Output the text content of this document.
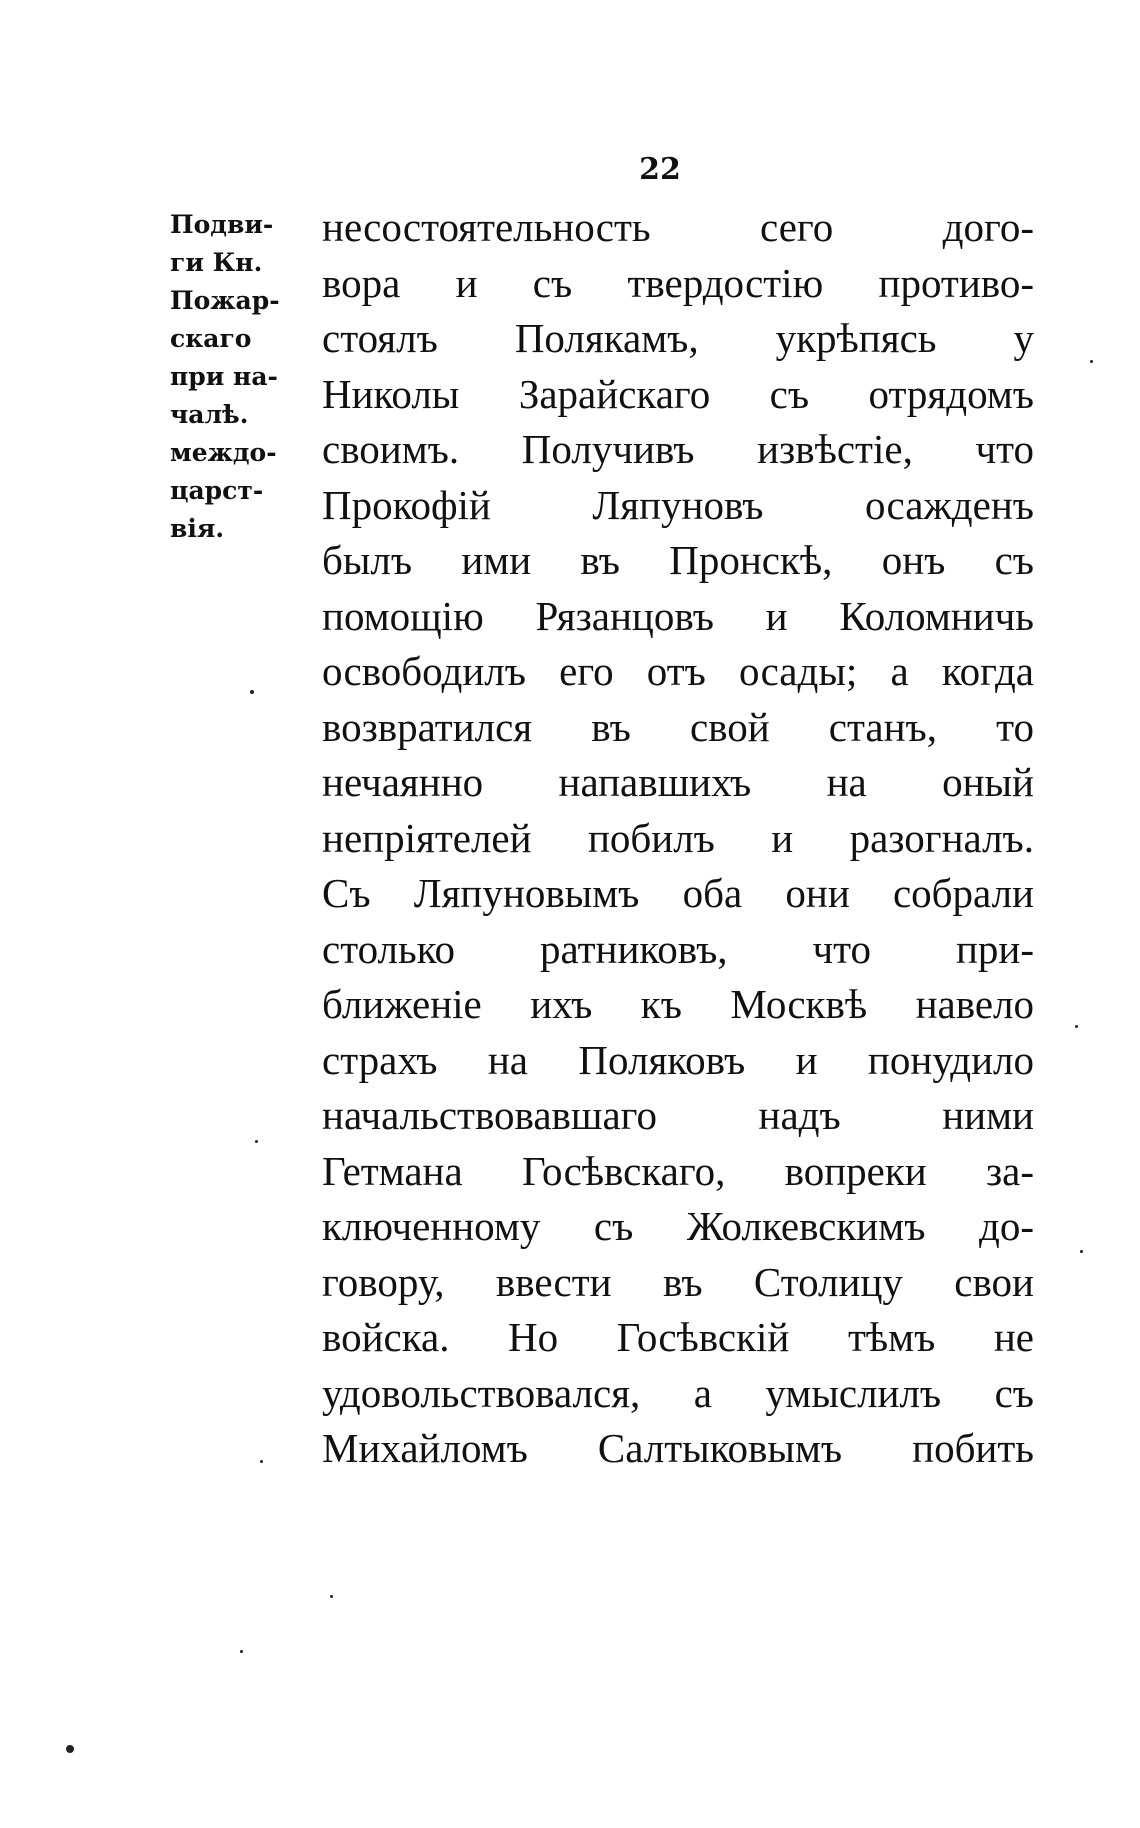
22
Подви-
ги Кн.
Пожар-
скаго
при на-
чалѣ.
междо-
царст-
вія.
несостоятельность сего дого-
вора и съ твердостію противо-
стоялъ Полякамъ, укрѣпясь у
Николы Зарайскаго съ отрядомъ
своимъ. Получивъ извѣстіе, что
Прокофій Ляпуновъ осажденъ
былъ ими въ Пронскѣ, онъ съ
помощію Рязанцовъ и Коломничь
освободилъ его отъ осады; а когда
возвратился въ свой станъ, то
нечаянно напавшихъ на оный
непріятелей побилъ и разогналъ.
Съ Ляпуновымъ оба они собрали
столько ратниковъ, что при-
ближеніе ихъ къ Москвѣ навело
страхъ на Поляковъ и понудило
начальствовавшаго надъ ними
Гетмана Госѣвскаго, вопреки за-
ключенному съ Жолкевскимъ до-
говору, ввести въ Столицу свои
войска. Но Госѣвскій тѣмъ не
удовольствовался, а умыслилъ съ
Михайломъ Салтыковымъ побить
